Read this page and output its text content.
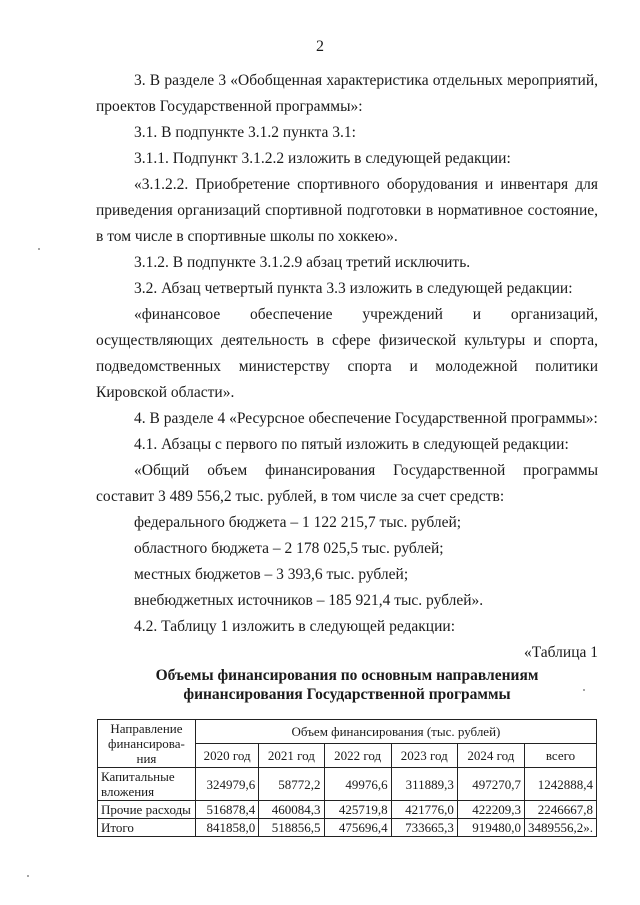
2

3. В разделе 3 «Обобщенная характеристика отдельных мероприятий, проектов Государственной программы»:

3.1. В подпункте 3.1.2 пункта 3.1:

3.1.1. Подпункт 3.1.2.2 изложить в следующей редакции:

«3.1.2.2. Приобретение спортивного оборудования и инвентаря для приведения организаций спортивной подготовки в нормативное состояние, в том числе в спортивные школы по хоккею».

3.1.2. В подпункте 3.1.2.9 абзац третий исключить.

3.2. Абзац четвертый пункта 3.3 изложить в следующей редакции:

«финансовое обеспечение учреждений и организаций, осуществляющих деятельность в сфере физической культуры и спорта, подведомственных министерству спорта и молодежной политики Кировской области».

4. В разделе 4 «Ресурсное обеспечение Государственной программы»:

4.1. Абзацы с первого по пятый изложить в следующей редакции:

«Общий объем финансирования Государственной программы составит 3 489 556,2 тыс. рублей, в том числе за счет средств:

федерального бюджета – 1 122 215,7 тыс. рублей;

областного бюджета – 2 178 025,5 тыс. рублей;

местных бюджетов – 3 393,6 тыс. рублей;

внебюджетных источников – 185 921,4 тыс. рублей».

4.2. Таблицу 1 изложить в следующей редакции:

«Таблица 1

Объемы финансирования по основным направлениям финансирования Государственной программы
Направление финансирова-ния	Объем финансирования (тыс. рублей)					
	2020 год	2021 год	2022 год	2023 год	2024 год	всего
Капитальные вложения	324979,6	58772,2	49976,6	311889,3	497270,7	1242888,4
Прочие расходы	516878,4	460084,3	425719,8	421776,0	422209,3	2246667,8
Итого	841858,0	518856,5	475696,4	733665,3	919480,0	3489556,2».
